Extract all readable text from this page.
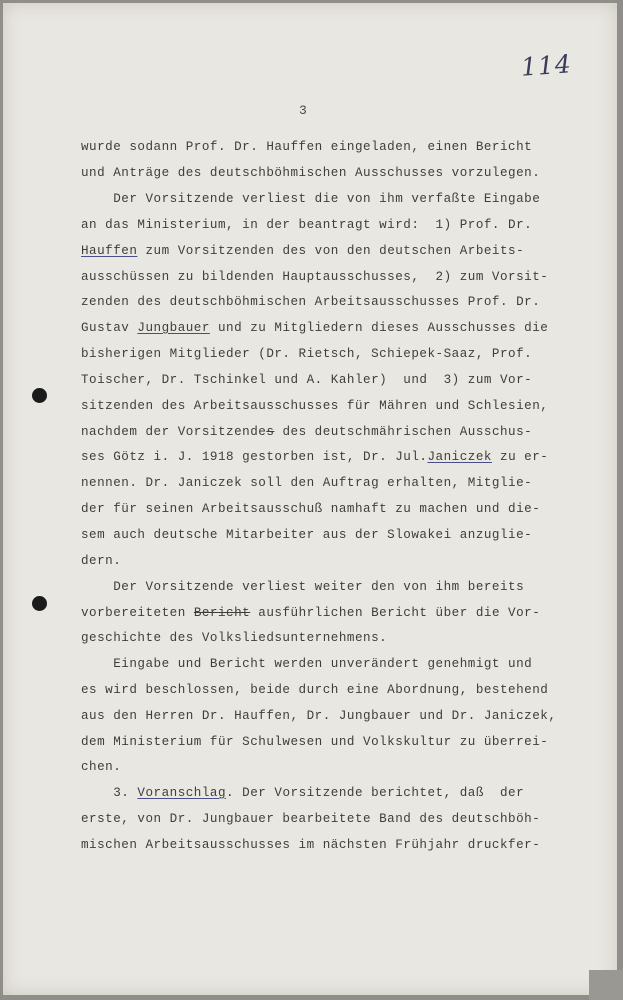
114
3
wurde sodann Prof. Dr. Hauffen eingeladen, einen Bericht
und Anträge des deutschböhmischen Ausschusses vorzulegen.
Der Vorsitzende verliest die von ihm verfaßte Eingabe
an das Ministerium, in der beantragt wird:  1) Prof. Dr.
Hauffen zum Vorsitzenden des von den deutschen Arbeits-
ausschüssen zu bildenden Hauptausschusses,  2) zum Vorsit-
zenden des deutschböhmischen Arbeitsausschusses Prof. Dr.
Gustav Jungbauer und zu Mitgliedern dieses Ausschusses die
bisherigen Mitglieder (Dr. Rietsch, Schiepek-Saaz, Prof.
Toischer, Dr. Tschinkel und A. Kahler)  und  3) zum Vor-
sitzenden des Arbeitsausschusses für Mähren und Schlesien,
nachdem der Vorsitzendes des deutschmährischen Ausschus-
ses Götz i. J. 1918 gestorben ist, Dr. Jul.Janiczek zu er-
nennen. Dr. Janiczek soll den Auftrag erhalten, Mitglie-
der für seinen Arbeitsausschuß namhaft zu machen und die-
sem auch deutsche Mitarbeiter aus der Slowakei anzuglie-
dern.
Der Vorsitzende verliest weiter den von ihm bereits
vorbereiteten Bericht ausführlichen Bericht über die Vor-
geschichte des Volksliedsunternehmens.
Eingabe und Bericht werden unverändert genehmigt und
es wird beschlossen, beide durch eine Abordnung, bestehend
aus den Herren Dr. Hauffen, Dr. Jungbauer und Dr. Janiczek,
dem Ministerium für Schulwesen und Volkskultur zu überrei-
chen.
3. Voranschlag. Der Vorsitzende berichtet, daß  der
erste, von Dr. Jungbauer bearbeitete Band des deutschböh-
mischen Arbeitsausschusses im nächsten Frühjahr druckfer-
